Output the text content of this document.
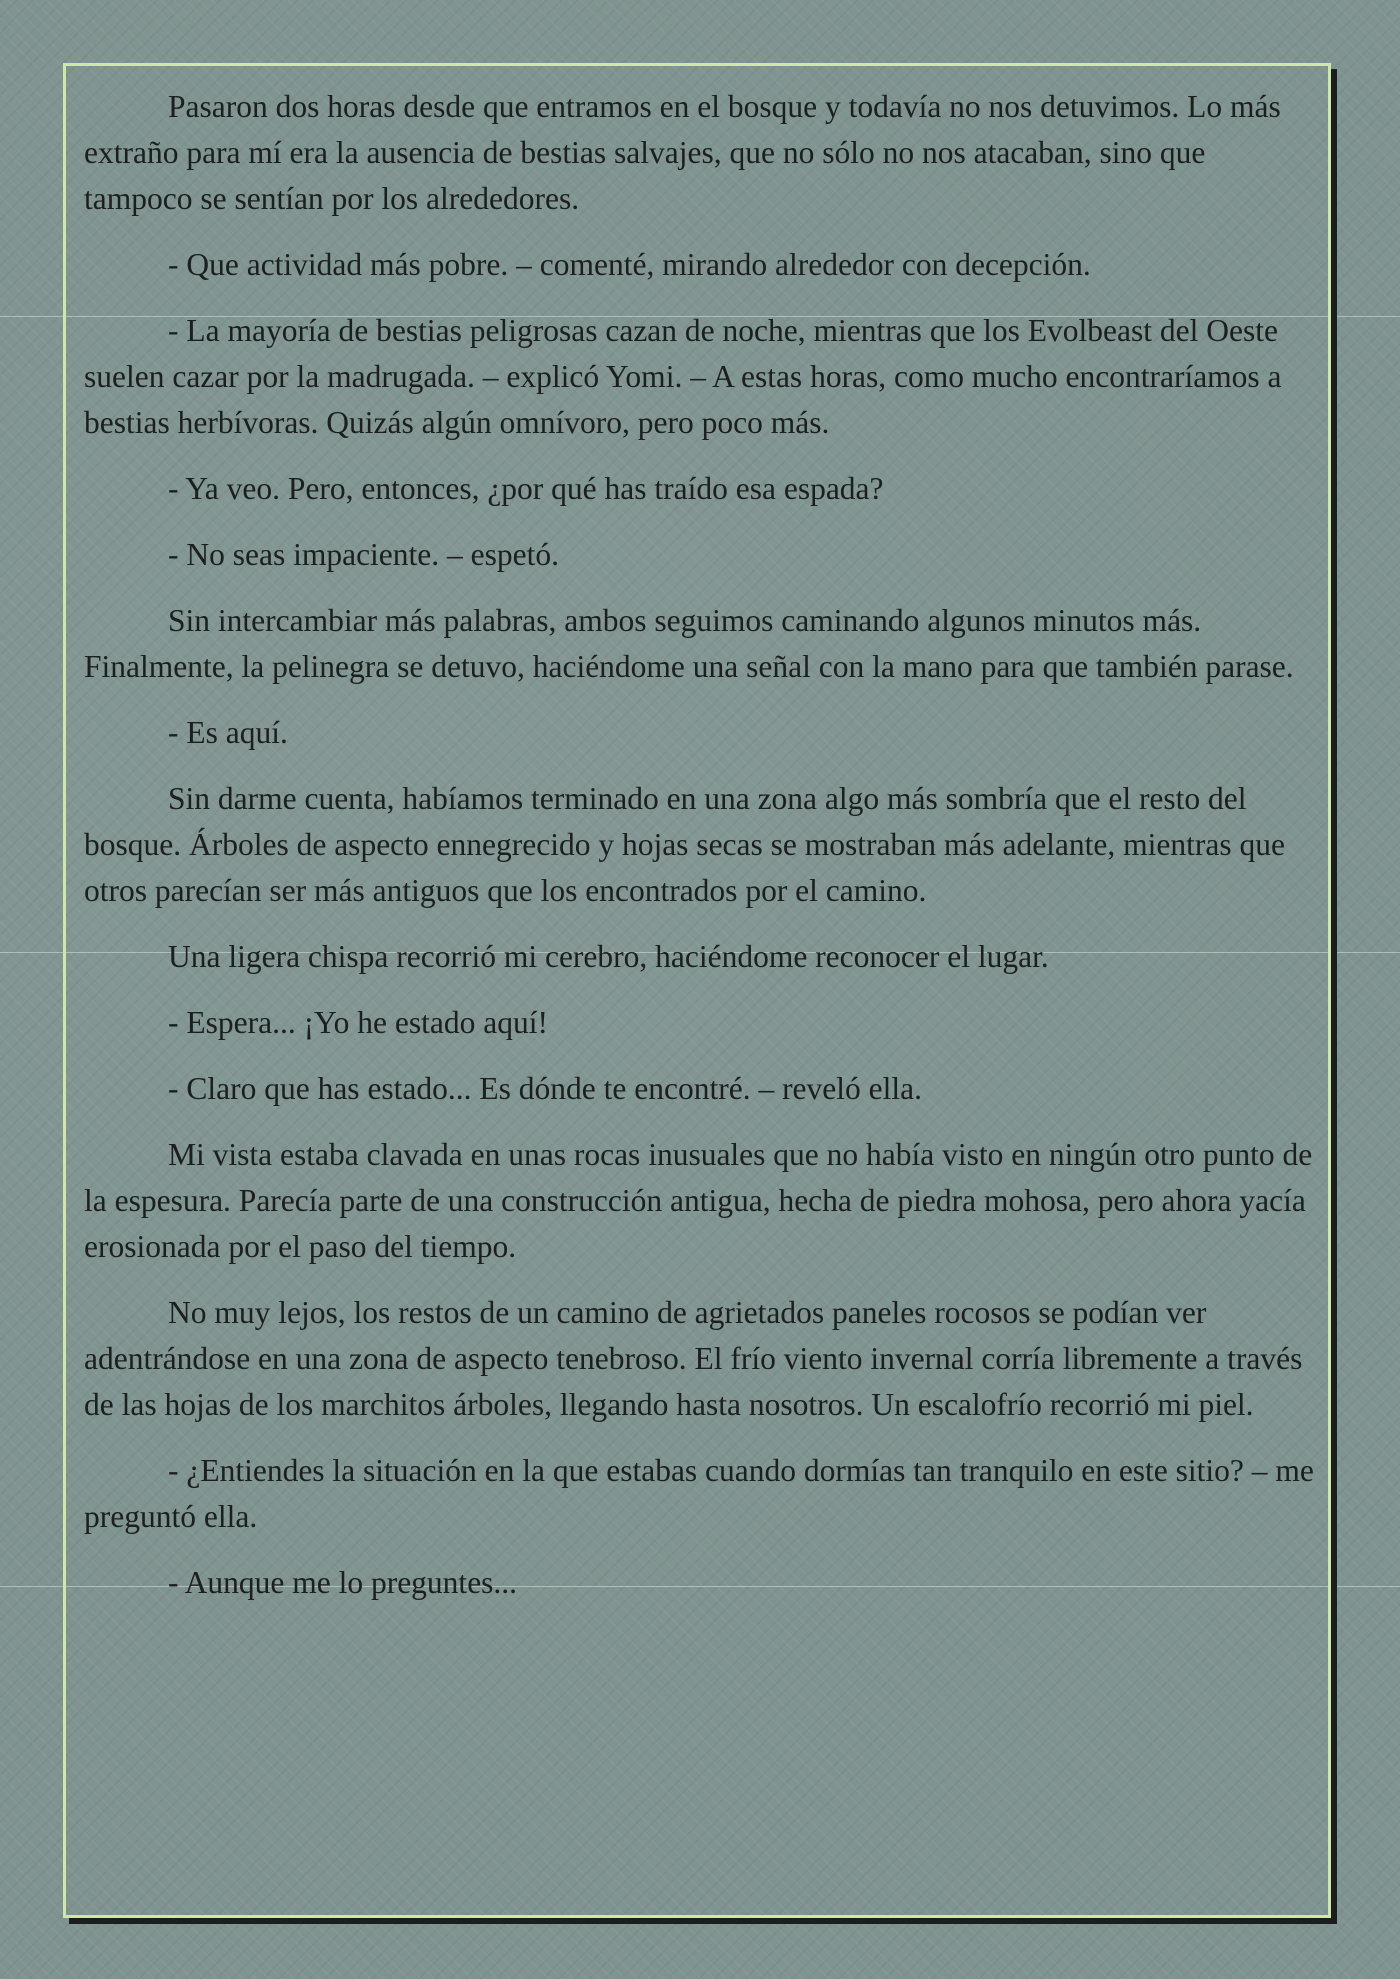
Pasaron dos horas desde que entramos en el bosque y todavía no nos detuvimos. Lo más extraño para mí era la ausencia de bestias salvajes, que no sólo no nos atacaban, sino que tampoco se sentían por los alrededores.

- Que actividad más pobre. – comenté, mirando alrededor con decepción.

- La mayoría de bestias peligrosas cazan de noche, mientras que los Evolbeast del Oeste suelen cazar por la madrugada. – explicó Yomi. – A estas horas, como mucho encontraríamos a bestias herbívoras. Quizás algún omnívoro, pero poco más.

- Ya veo. Pero, entonces, ¿por qué has traído esa espada?

- No seas impaciente. – espetó.

Sin intercambiar más palabras, ambos seguimos caminando algunos minutos más. Finalmente, la pelinegra se detuvo, haciéndome una señal con la mano para que también parase.

- Es aquí.

Sin darme cuenta, habíamos terminado en una zona algo más sombría que el resto del bosque. Árboles de aspecto ennegrecido y hojas secas se mostraban más adelante, mientras que otros parecían ser más antiguos que los encontrados por el camino.

Una ligera chispa recorrió mi cerebro, haciéndome reconocer el lugar.

- Espera... ¡Yo he estado aquí!

- Claro que has estado... Es dónde te encontré. – reveló ella.

Mi vista estaba clavada en unas rocas inusuales que no había visto en ningún otro punto de la espesura. Parecía parte de una construcción antigua, hecha de piedra mohosa, pero ahora yacía erosionada por el paso del tiempo.

No muy lejos, los restos de un camino de agrietados paneles rocosos se podían ver adentrándose en una zona de aspecto tenebroso. El frío viento invernal corría libremente a través de las hojas de los marchitos árboles, llegando hasta nosotros. Un escalofrío recorrió mi piel.

- ¿Entiendes la situación en la que estabas cuando dormías tan tranquilo en este sitio? – me preguntó ella.

- Aunque me lo preguntes...
